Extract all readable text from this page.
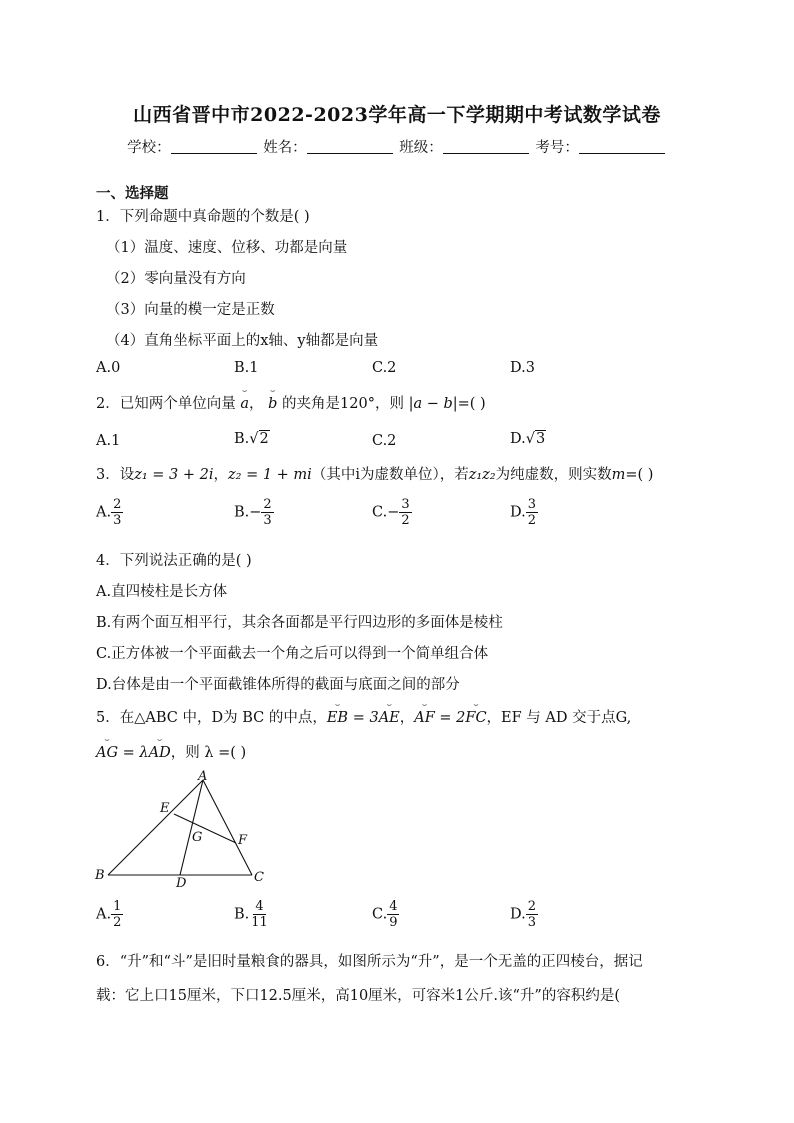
山西省晋中市2022-2023学年高一下学期期中考试数学试卷
学校：	姓名：	班级：	考号：
一、选择题
1．下列命题中真命题的个数是( )
（1）温度、速度、位移、功都是向量
（2）零向量没有方向
（3）向量的模一定是正数
（4）直角坐标平面上的x轴、y轴都是向量
A.0	B.1	C.2	D.3
2．已知两个单位向量 ⌣ a， ⌣ b 的夹角是120°，则 |a − b|=( )
A.1	B.√2	C.2	D.√3
3．设z₁ = 3 + 2i，z₂ = 1 + mi（其中i为虚数单位），若z₁z₂为纯虚数，则实数m=( )
A. $\frac{2}{3}$	$B.- \frac{2}{3}$	$C.- \frac{3}{2}$	D. $\frac{3}{2}$
4．下列说法正确的是( )
A.直四棱柱是长方体
B.有两个面互相平行，其余各面都是平行四边形的多面体是棱柱
C.正方体被一个平面截去一个角之后可以得到一个简单组合体
D.台体是由一个平面截锥体所得的截面与底面之间的部分
5．在△ABC 中，D为 BC 的中点，⌣ EB = 3⌣ AE，⌣ AF = 2⌣ FC，EF 与 AD 交于点G,
⌣ AG = λ⌣ AD，则 λ =( )
A
B	C
D
E
F
G
A. $\frac{1}{2}$	B. $\frac{4}{11}$	C. $\frac{4}{9}$	D. $\frac{2}{3}$
6．“升”和“斗”是旧时量粮食的器具，如图所示为“升”，是一个无盖的正四棱台，据记
载：它上口15厘米，下口12.5厘米，高10厘米，可容米1公斤.该“升”的容积约是(
